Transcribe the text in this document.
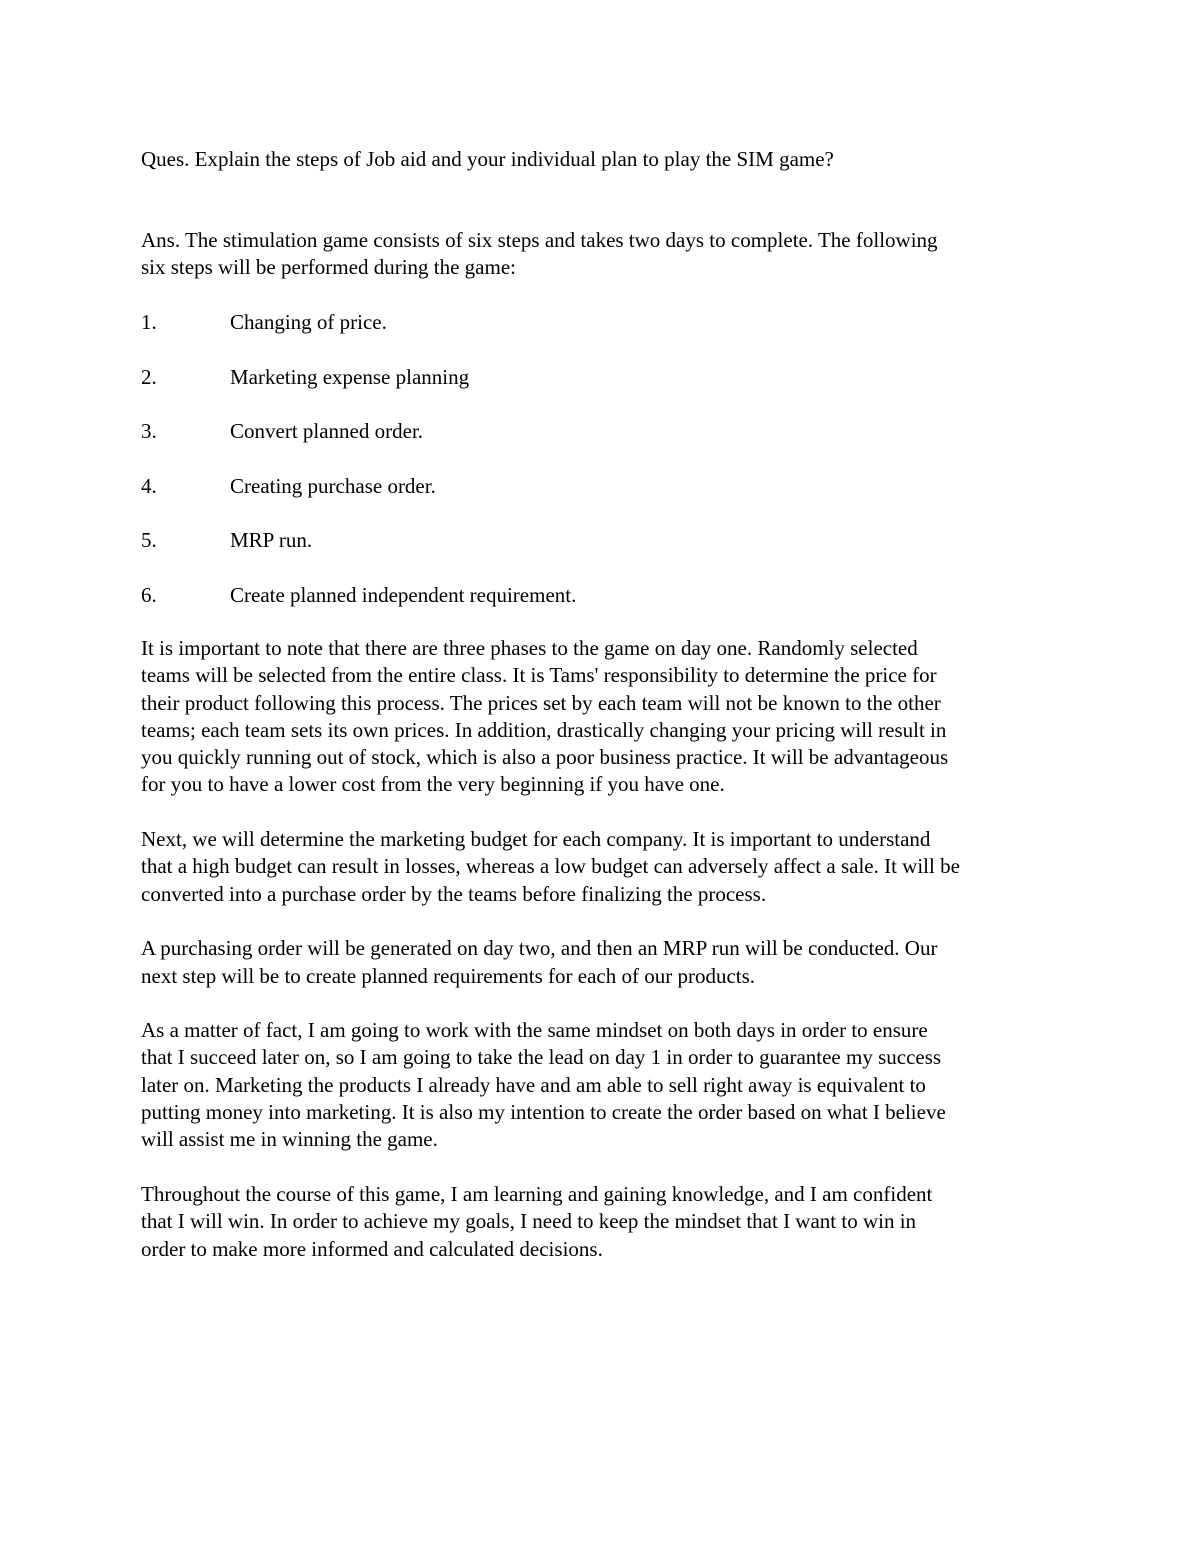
Ques. Explain the steps of Job aid and your individual plan to play the SIM game?

Ans. The stimulation game consists of six steps and takes two days to complete. The following
six steps will be performed during the game:
1.	Changing of price.
2.	Marketing expense planning
3.	Convert planned order.
4.	Creating purchase order.
5.	MRP run.
6.	Create planned independent requirement.
It is important to note that there are three phases to the game on day one. Randomly selected
teams will be selected from the entire class. It is Tams' responsibility to determine the price for
their product following this process. The prices set by each team will not be known to the other
teams; each team sets its own prices. In addition, drastically changing your pricing will result in
you quickly running out of stock, which is also a poor business practice. It will be advantageous
for you to have a lower cost from the very beginning if you have one.
Next, we will determine the marketing budget for each company. It is important to understand
that a high budget can result in losses, whereas a low budget can adversely affect a sale. It will be
converted into a purchase order by the teams before finalizing the process.
A purchasing order will be generated on day two, and then an MRP run will be conducted. Our
next step will be to create planned requirements for each of our products.
As a matter of fact, I am going to work with the same mindset on both days in order to ensure
that I succeed later on, so I am going to take the lead on day 1 in order to guarantee my success
later on. Marketing the products I already have and am able to sell right away is equivalent to
putting money into marketing. It is also my intention to create the order based on what I believe
will assist me in winning the game.
Throughout the course of this game, I am learning and gaining knowledge, and I am confident
that I will win. In order to achieve my goals, I need to keep the mindset that I want to win in
order to make more informed and calculated decisions.
